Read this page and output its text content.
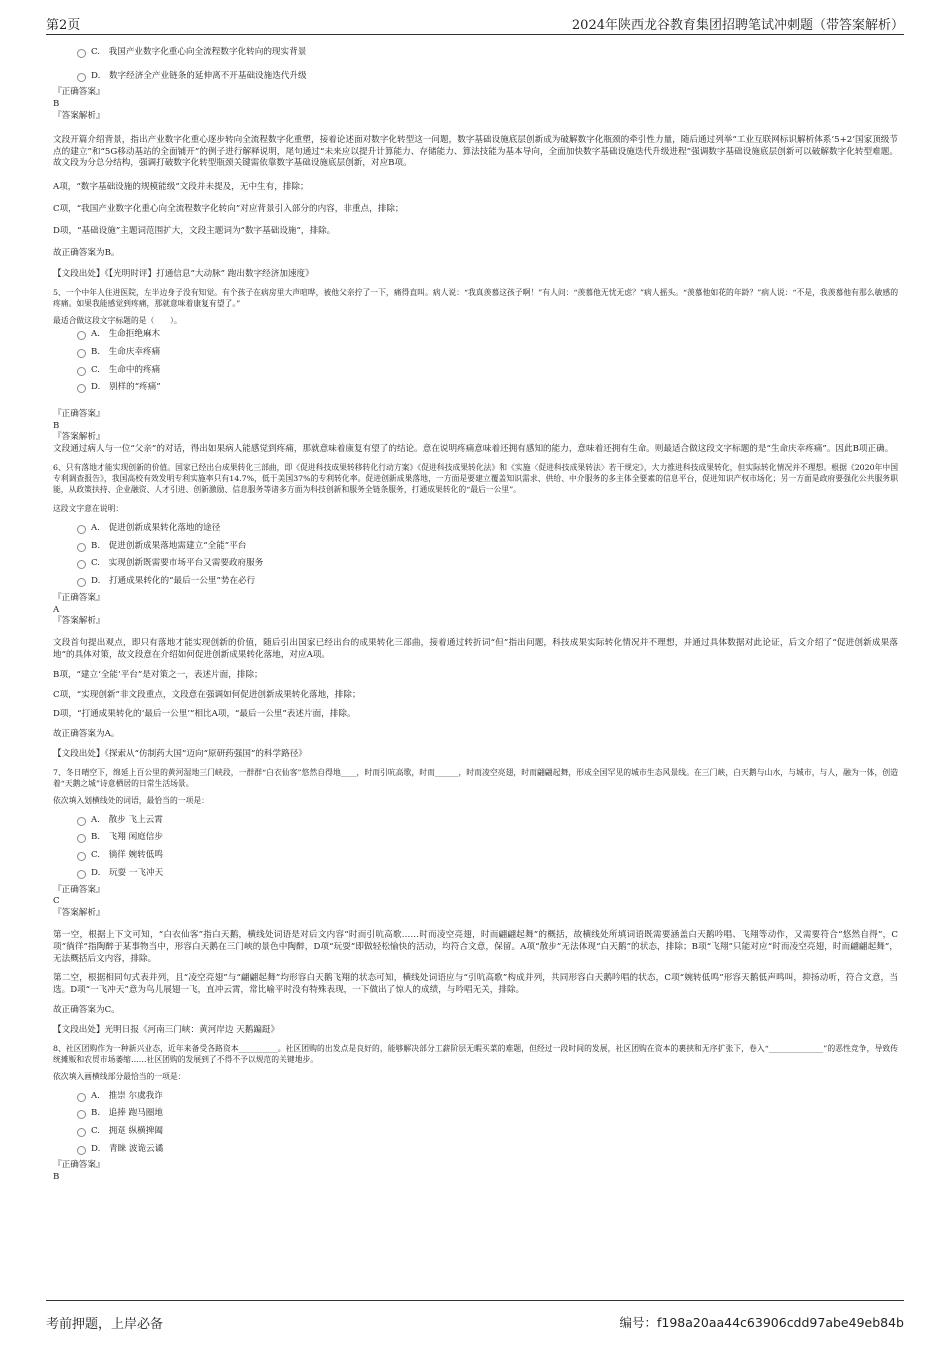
第2页	2024年陕西龙谷教育集团招聘笔试冲刺题（带答案解析）
C.　 我国产业数字化重心向全流程数字化转向的现实背景
D.　 数字经济全产业链条的延伸离不开基础设施迭代升级
『正确答案』
B
『答案解析』
文段开篇介绍背景，指出产业数字化重心逐步转向全流程数字化重塑，接着论述面对数字化转型这一问题，数字基础设施底层创新成为破解数字化瓶颈的牵引性力量，随后通过列举“工业互联网标识解析体系‘5+2’国家顶级节点的建立”和“5G移动基站的全面铺开”的例子进行解释说明，尾句通过“未来应以提升计算能力、存储能力、算法技能为基本导向，全面加快数字基础设施迭代升级进程”强调数字基础设施底层创新可以破解数字化转型难题。故文段为分总分结构，强调打破数字化转型瓶颈关键需依靠数字基础设施底层创新，对应B项。
A项，“数字基础设施的规模能级”文段并未提及，无中生有，排除；
C项，“我国产业数字化重心向全流程数字化转向”对应背景引入部分的内容，非重点，排除；
D项，“基础设施”主题词范围扩大，文段主题词为“数字基础设施”，排除。
故正确答案为B。
【文段出处】《【光明时评】打通信息“大动脉” 跑出数字经济加速度》
5、一个中年人住进医院，左半边身子没有知觉。有个孩子在病房里大声喧哗，被他父亲拧了一下，痛得直叫。病人说：“我真羡慕这孩子啊！”有人问：“羡慕他无忧无虑？”病人摇头。“羡慕他如花的年龄？”病人说：“不是，我羡慕他有那么敏感的疼痛。如果我能感觉到疼痛，那就意味着康复有望了。”
最适合做这段文字标题的是（　　）。
A.　 生命拒绝麻木
B.　 生命庆幸疼痛
C.　 生命中的疼痛
D.　 别样的“疼痛”
『正确答案』
B
『答案解析』
文段通过病人与一位“父亲”的对话，得出如果病人能感觉到疼痛，那就意味着康复有望了的结论。意在说明疼痛意味着还拥有感知的能力，意味着还拥有生命。则最适合做这段文字标题的是“生命庆幸疼痛”。因此B项正确。
6、只有落地才能实现创新的价值。国家已经出台成果转化三部曲，即《促进科技成果转移转化行动方案》《促进科技成果转化法》和《实施〈促进科技成果转法〉若干规定》，大力推进科技成果转化，但实际转化情况并不理想。根据《2020年中国专利调查报告》，我国高校有效发明专利实施率只有14.7%，低于美国37%的专利转化率。促进创新成果落地，一方面是要建立覆盖知识需求、供给、中介服务的多主体全要素的信息平台，促进知识产权市场化；另一方面是政府要强化公共服务职能，从政策扶持、企业融资、人才引进、创新激励、信息服务等诸多方面为科技创新和服务全链条服务，打通成果转化的“最后一公里”。
这段文字意在说明：
A.　 促进创新成果转化落地的途径
B.　 促进创新成果落地需建立“全能”平台
C.　 实现创新既需要市场平台又需要政府服务
D.　 打通成果转化的“最后一公里”势在必行
『正确答案』
A
『答案解析』
文段首句提出观点，即只有落地才能实现创新的价值，随后引出国家已经出台的成果转化三部曲，接着通过转折词“但”指出问题，科技成果实际转化情况并不理想，并通过具体数据对此论证，后文介绍了“促进创新成果落地”的具体对策，故文段意在介绍如何促进创新成果转化落地，对应A项。
B项，“建立‘全能’平台”是对策之一，表述片面，排除；
C项，“实现创新”非文段重点，文段意在强调如何促进创新成果转化落地，排除；
D项，“打通成果转化的‘最后一公里’”相比A项，“最后一公里”表述片面，排除。
故正确答案为A。
【文段出处】《探索从“仿制药大国”迈向“原研药强国”的科学路径》
7、冬日晴空下，绵延上百公里的黄河湿地三门峡段，一群群“白衣仙客”悠然自得地____，时而引吭高歌，时而______，时而凌空亮翅，时而翩翩起舞，形成全国罕见的城市生态风景线。在三门峡，白天鹅与山水，与城市，与人，融为一体，创造着“天鹅之城”诗意栖居的日常生活场景。
依次填入划横线处的词语，最恰当的一项是：
A.　 散步 飞上云霄
B.　 飞翔 闲庭信步
C.　 徜徉 婉转低鸣
D.　 玩耍 一飞冲天
『正确答案』
C
『答案解析』
第一空，根据上下文可知，“白衣仙客”指白天鹅，横线处词语是对后文内容“时而引吭高歌……时而凌空亮翅，时而翩翩起舞”的概括，故横线处所填词语既需要涵盖白天鹅吟唱、飞翔等动作，又需要符合“悠然自得”，C项“徜徉”指陶醉于某事物当中，形容白天鹅在三门峡的景色中陶醉，D项“玩耍”即做轻松愉快的活动，均符合文意，保留。A项“散步”无法体现“白天鹅”的状态，排除；B项“飞翔”只能对应“时而凌空亮翅，时而翩翩起舞”，无法概括后文内容，排除。
第二空，根据相同句式表并列，且“凌空亮翅”与“翩翩起舞”均形容白天鹅飞翔的状态可知，横线处词语应与“引吭高歌”构成并列，共同形容白天鹅吟唱的状态，C项“婉转低鸣”形容天鹅低声鸣叫，抑扬动听，符合文意，当选。D项“一飞冲天”意为鸟儿展翅一飞，直冲云霄，常比喻平时没有特殊表现，一下做出了惊人的成绩，与吟唱无关，排除。
故正确答案为C。
【文段出处】光明日报《河南三门峡：黄河岸边 天鹅蹁跹》
8、社区团购作为一种新兴业态，近年来备受各路资本__________。社区团购的出发点是良好的，能够解决部分工薪阶层无暇买菜的难题，但经过一段时间的发展，社区团购在资本的裹挟和无序扩张下，卷入“______________”的恶性竞争，导致传统摊贩和农贸市场萎缩……社区团购的发展到了不得不予以规范的关键地步。
依次填入画横线部分最恰当的一项是：
A.　 推崇 尔虞我诈
B.　 追捧 跑马圈地
C.　 拥趸 纵横捭阖
D.　 青睐 波诡云谲
『正确答案』
B
考前押题，上岸必备	编号：f198a20aa44c63906cdd97abe49eb84b
